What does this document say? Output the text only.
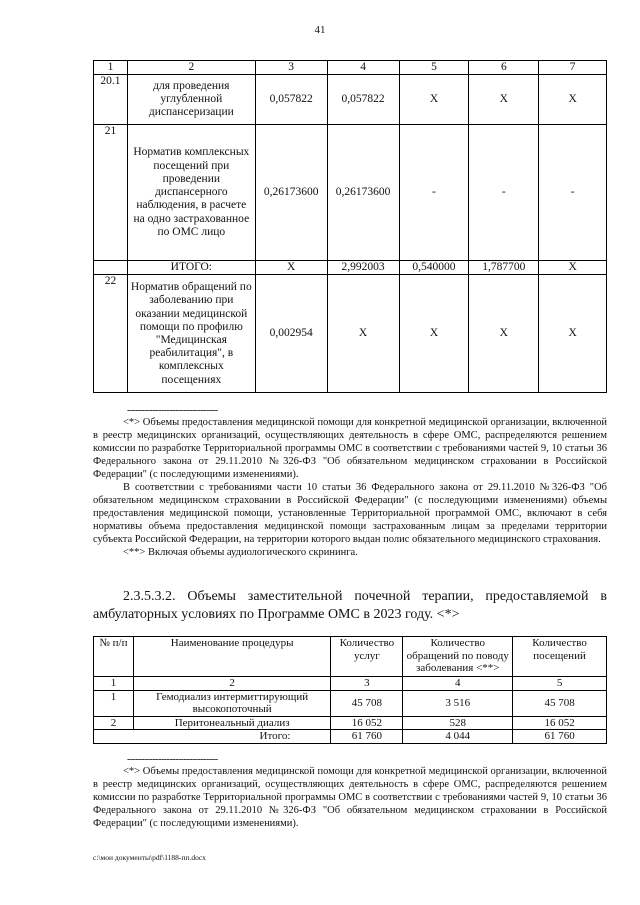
41
1	2	3	4	5	6	7
20.1	для проведения углубленной диспансеризации	0,057822	0,057822	X	X	X
21	Норматив комплексных посещений при проведении диспансерного наблюдения, в расчете на одно застрахованное по ОМС лицо	0,26173600	0,26173600	-	-	-
	ИТОГО:	X	2,992003	0,540000	1,787700	X
22	Норматив обращений по заболеванию при оказании медицинской помощи по профилю "Медицинская реабилитация", в комплексных посещениях	0,002954	X	X	X	X
--------------------------------

<*> Объемы предоставления медицинской помощи для конкретной медицинской организации, включенной в реестр медицинских организаций, осуществляющих деятельность в сфере ОМС, распределяются решением комиссии по разработке Территориальной программы ОМС в соответствии с требованиями частей 9, 10 статьи 36 Федерального закона от 29.11.2010 №326-ФЗ "Об обязательном медицинском страховании в Российской Федерации" (с последующими изменениями).

В соответствии с требованиями части 10 статьи 36 Федерального закона от 29.11.2010 №326-ФЗ "Об обязательном медицинском страховании в Российской Федерации" (с последующими изменениями) объемы предоставления медицинской помощи, установленные Территориальной программой ОМС, включают в себя нормативы объема предоставления медицинской помощи застрахованным лицам за пределами территории субъекта Российской Федерации, на территории которого выдан полис обязательного медицинского страхования.

<**> Включая объемы аудиологического скрининга.

2.3.5.3.2. Объемы заместительной почечной терапии, предоставляемой в амбулаторных условиях по Программе ОМС в 2023 году. <*>
№ п/п	Наименование процедуры	Количество услуг	Количество обращений по поводу заболевания <**>	Количество посещений
1	2	3	4	5
1	Гемодиализ интермиттирующий высокопоточный	45 708	3 516	45 708
2	Перитонеальный диализ	16 052	528	16 052
Итого:		61 760	4 044	61 760
--------------------------------

<*> Объемы предоставления медицинской помощи для конкретной медицинской организации, включенной в реестр медицинских организаций, осуществляющих деятельность в сфере ОМС, распределяются решением комиссии по разработке Территориальной программы ОМС в соответствии с требованиями частей 9, 10 статьи 36 Федерального закона от 29.11.2010 №326-ФЗ "Об обязательном медицинском страховании в Российской Федерации" (с последующими изменениями).

c:\мои документы\pdf\1188-пп.docx
